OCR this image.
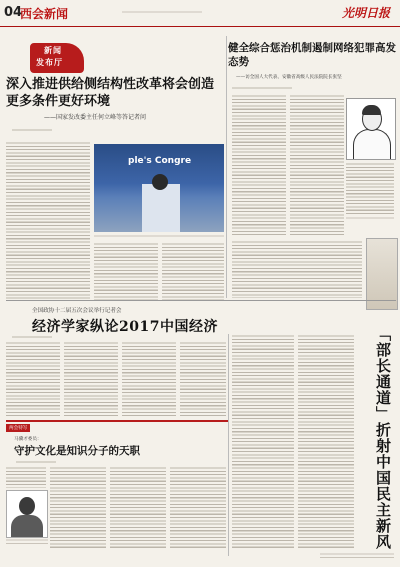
04
西会新闻	光明日报
新闻
发布厅
深入推进供给侧结构性改革将会创造更多条件更好环境
——国家发改委主任何立峰等答记者问
ple's Congre
健全综合惩治机制遏制网络犯罪高发态势
——访全国人大代表、安徽省高级人民法院院长张坚
全国政协十二届五次会议举行记者会
经济学家纵论2017中国经济	「部长通道」折射中国民主新风
两会特写
马骥才委员：
守护文化是知识分子的天职
